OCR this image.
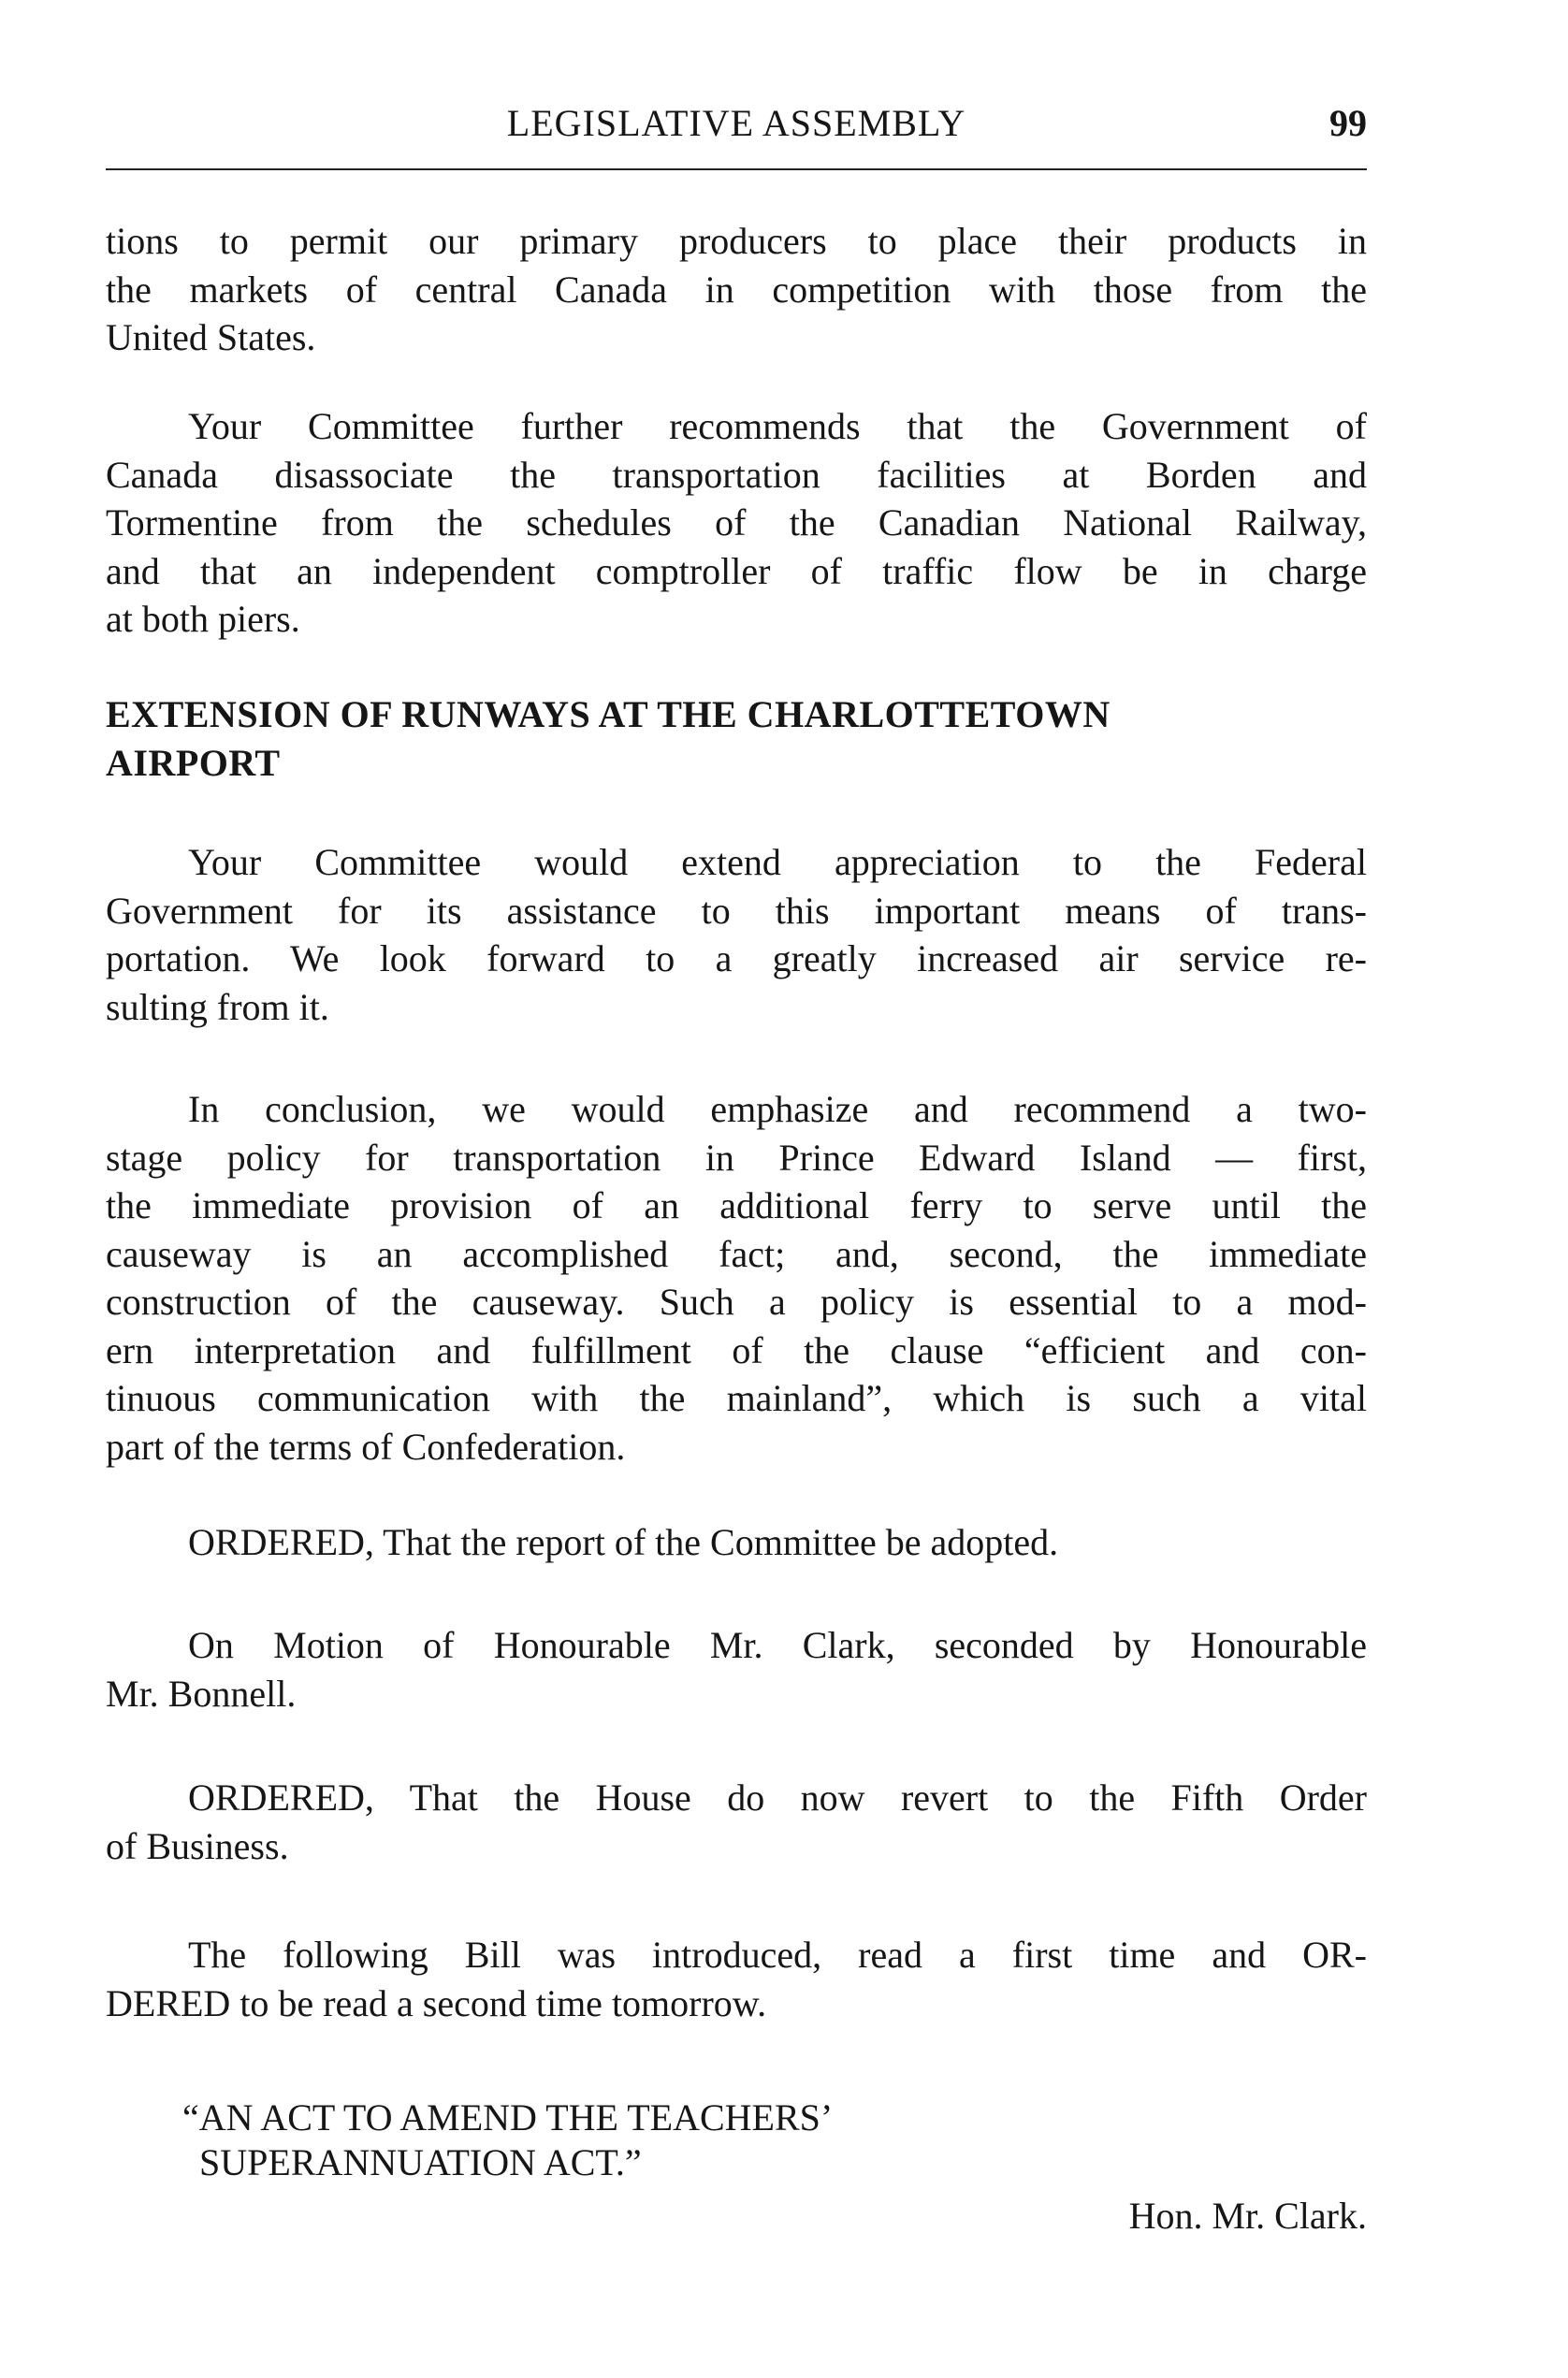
LEGISLATIVE ASSEMBLY	99
tions to permit our primary producers to place their products in
the markets of central Canada in competition with those from the
United States.
Your Committee further recommends that the Government of
Canada disassociate the transportation facilities at Borden and
Tormentine from the schedules of the Canadian National Railway,
and that an independent comptroller of traffic flow be in charge
at both piers.
EXTENSION OF RUNWAYS AT THE CHARLOTTETOWN
AIRPORT
Your Committee would extend appreciation to the Federal
Government for its assistance to this important means of trans-
portation. We look forward to a greatly increased air service re-
sulting from it.
In conclusion, we would emphasize and recommend a two-
stage policy for transportation in Prince Edward Island — first,
the immediate provision of an additional ferry to serve until the
causeway is an accomplished fact; and, second, the immediate
construction of the causeway. Such a policy is essential to a mod-
ern interpretation and fulfillment of the clause “efficient and con-
tinuous communication with the mainland”, which is such a vital
part of the terms of Confederation.
ORDERED, That the report of the Committee be adopted.
On Motion of Honourable Mr. Clark, seconded by Honourable
Mr. Bonnell.
ORDERED, That the House do now revert to the Fifth Order
of Business.
The following Bill was introduced, read a first time and OR-
DERED to be read a second time tomorrow.
“AN ACT TO AMEND THE TEACHERS’
SUPERANNUATION ACT.”
Hon. Mr. Clark.
